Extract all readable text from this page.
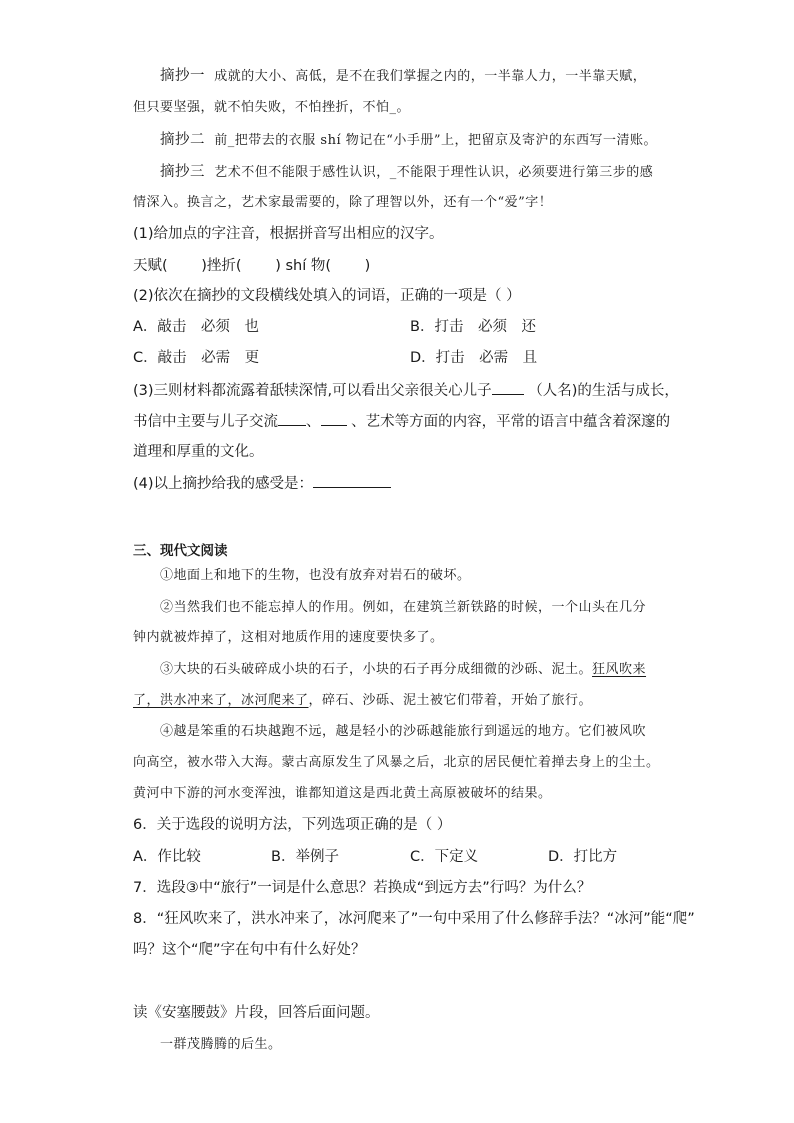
摘抄一 成就的大小、高低，是不在我们掌握之内的，一半靠人力，一半靠天赋，
但只要坚强，就不怕失败，不怕挫折，不怕_。
摘抄二 前_把带去的衣服 shí 物记在“小手册”上，把留京及寄沪的东西写一清账。
摘抄三 艺术不但不能限于感性认识，_不能限于理性认识，必须要进行第三步的感
情深入。换言之，艺术家最需要的，除了理智以外，还有一个“爱”字！
(1)给加点的字注音，根据拼音写出相应的汉字。
天赋(　　 )挫折(　　 ) shí 物(　　 )
(2)依次在摘抄的文段横线处填入的词语，正确的一项是（ ）
A．敲击　必须　也	B．打击　必须　还
C．敲击　必需　更	D．打击　必需　且
(3)三则材料都流露着舐犊深情,可以看出父亲很关心儿子	（人名)的生活与成长，
书信中主要与儿子交流 、 、艺术等方面的内容，平常的语言中蕴含着深邃的
道理和厚重的文化。
(4)以上摘抄给我的感受是：
三、现代文阅读
①地面上和地下的生物，也没有放弃对岩石的破坏。
②当然我们也不能忘掉人的作用。例如，在建筑兰新铁路的时候，一个山头在几分
钟内就被炸掉了，这相对地质作用的速度要快多了。
③大块的石头破碎成小块的石子，小块的石子再分成细微的沙砾、泥土。狂风吹来
了，洪水冲来了，冰河爬来了，碎石、沙砾、泥土被它们带着，开始了旅行。
④越是笨重的石块越跑不远，越是轻小的沙砾越能旅行到遥远的地方。它们被风吹
向高空，被水带入大海。蒙古高原发生了风暴之后，北京的居民便忙着掸去身上的尘土。
黄河中下游的河水变浑浊，谁都知道这是西北黄土高原被破坏的结果。
6．关于选段的说明方法，下列选项正确的是（ ）
A．作比较	B．举例子	C．下定义	D．打比方
7．选段③中“旅行”一词是什么意思？若换成“到远方去”行吗？为什么？
8．“狂风吹来了，洪水冲来了，冰河爬来了”一句中采用了什么修辞手法？“冰河”能“爬”
吗？这个“爬”字在句中有什么好处？
读《安塞腰鼓》片段，回答后面问题。
一群茂腾腾的后生。
